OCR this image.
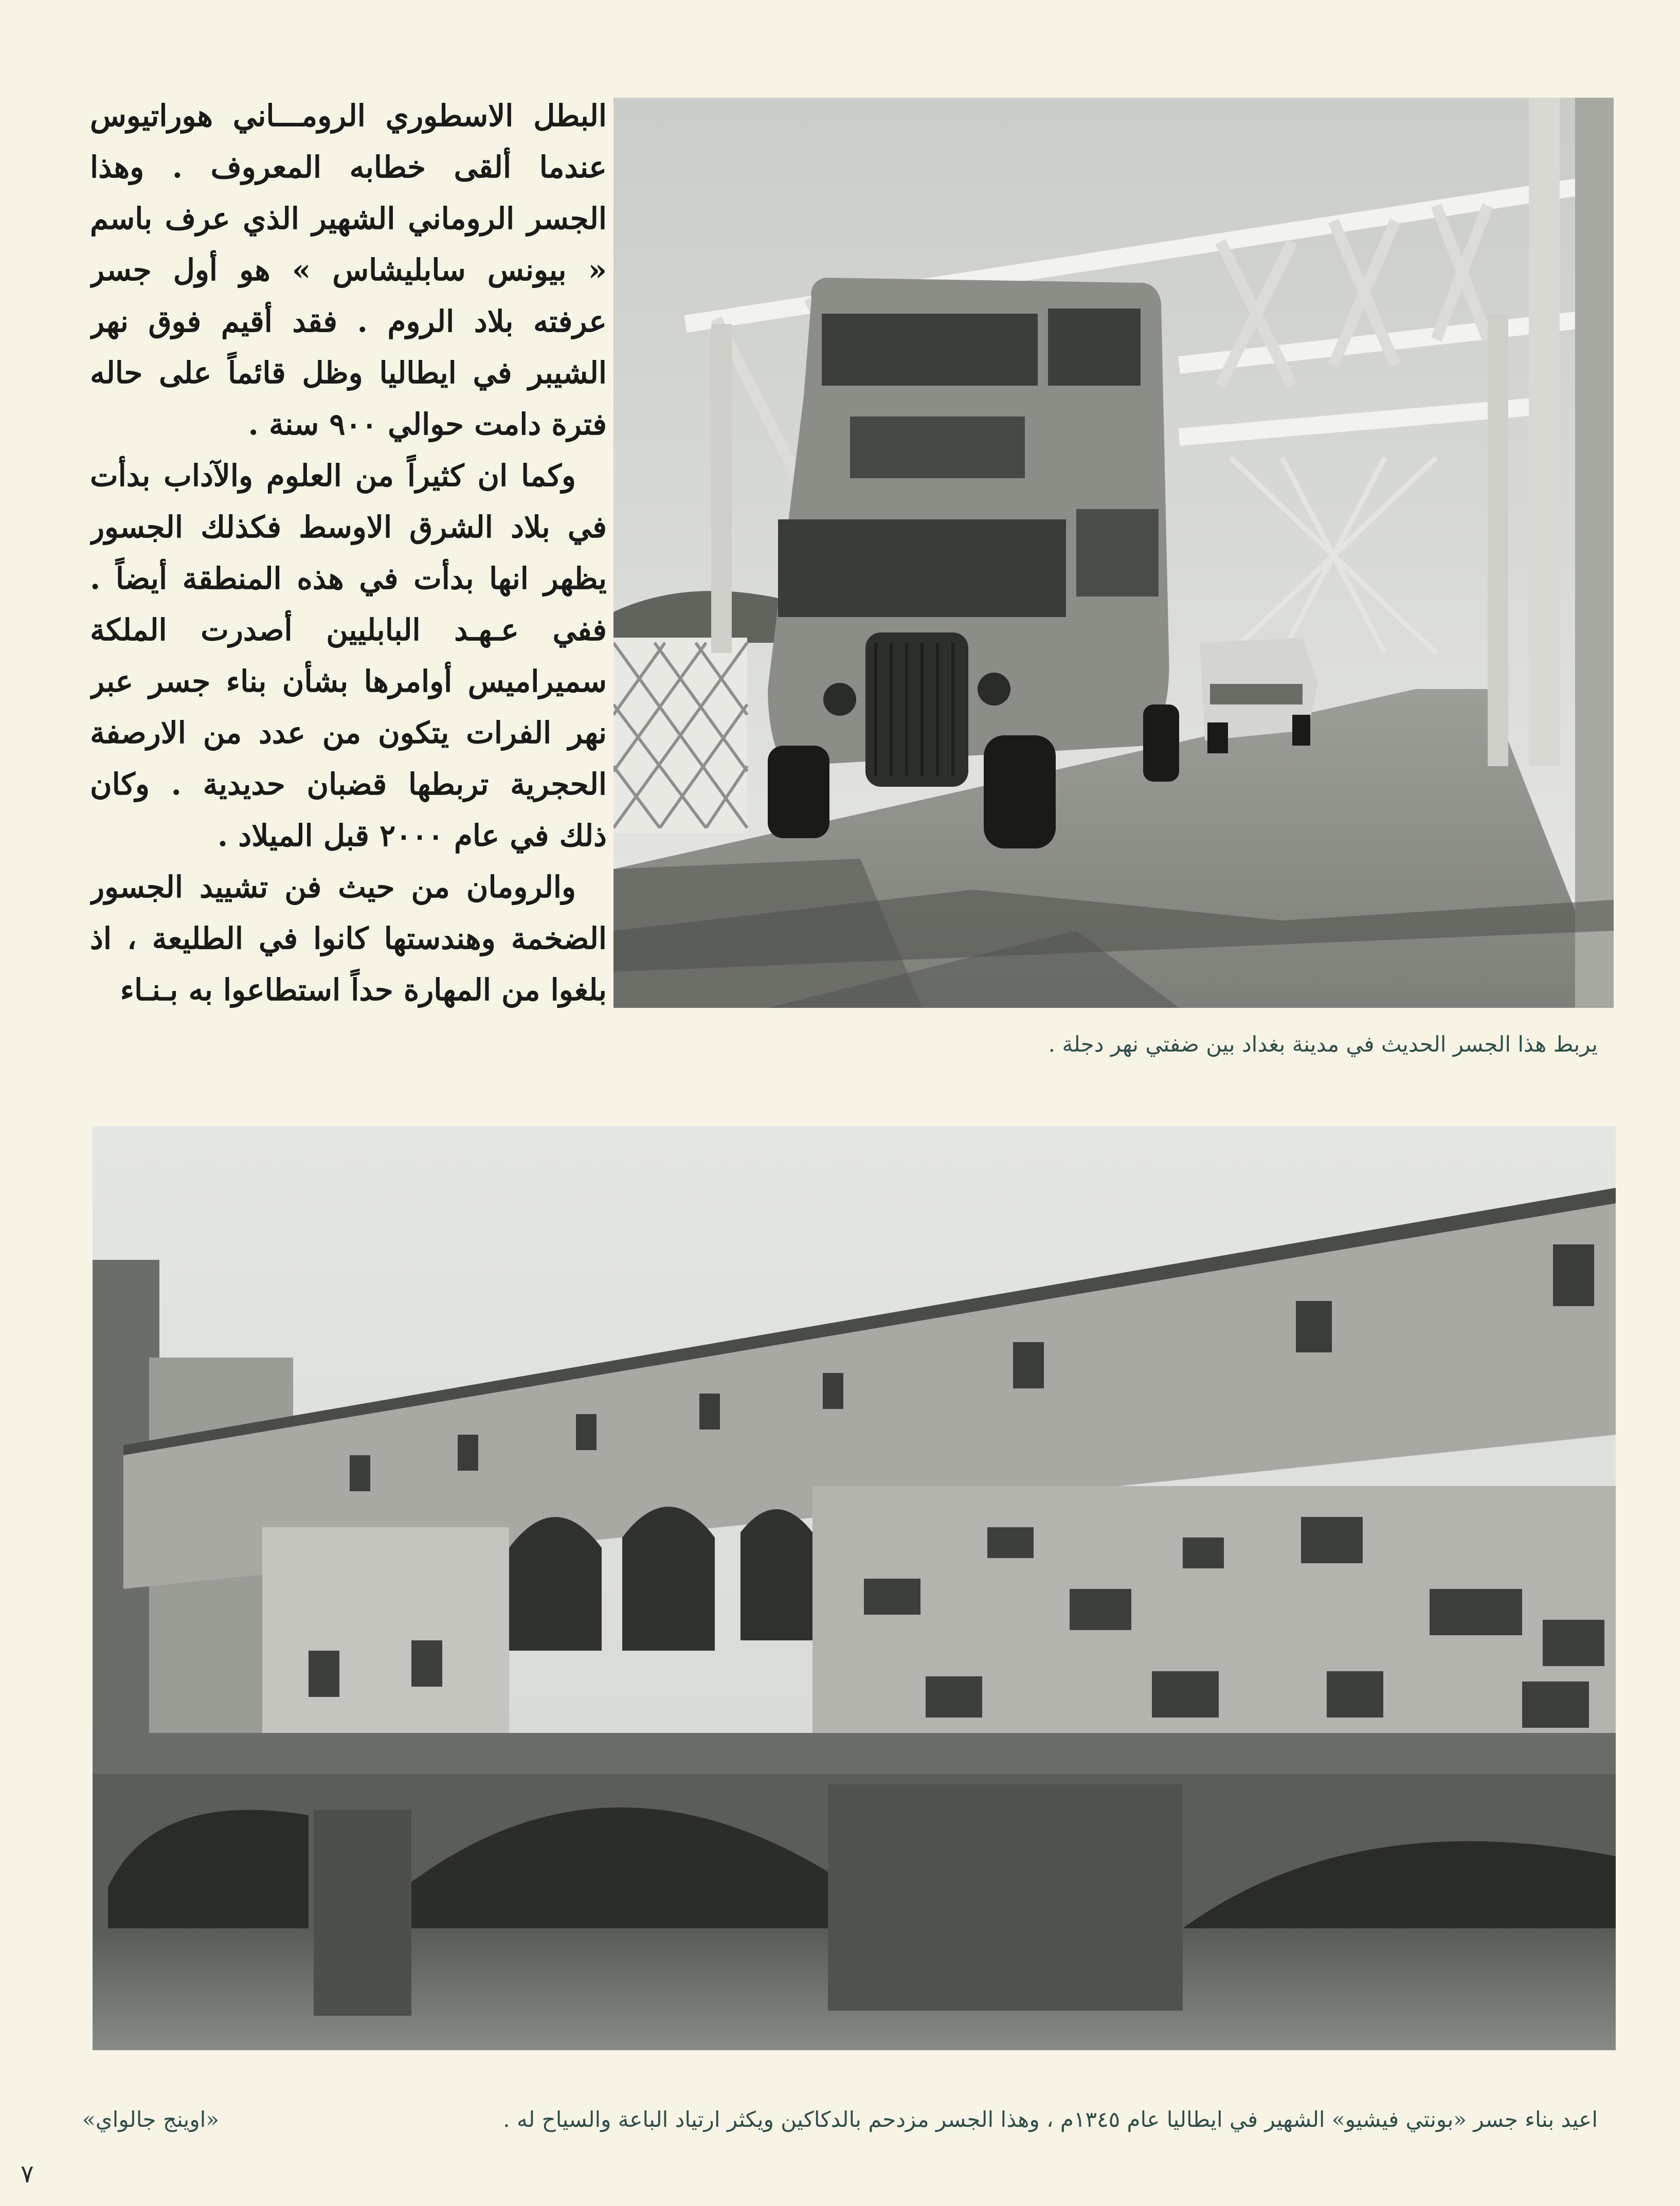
البطل الاسطوري الرومـــاني هوراتيوس عندما ألقى خطابه المعروف . وهذا الجسر الروماني الشهير الذي عرف باسم « بيونس سابليشاس » هو أول جسر عرفته بلاد الروم . فقد أقيم فوق نهر الشيبر في ايطاليا وظل قائماً على حاله فترة دامت حوالي ٩٠٠ سنة .

وكما ان كثيراً من العلوم والآداب بدأت في بلاد الشرق الاوسط فكذلك الجسور يظهر انها بدأت في هذه المنطقة أيضاً . ففي عـهـد البابليين أصدرت الملكة سميراميس أوامرها بشأن بناء جسر عبر نهر الفرات يتكون من عدد من الارصفة الحجرية تربطها قضبان حديدية . وكان ذلك في عام ٢٠٠٠ قبل الميلاد .

والرومان من حيث فن تشييد الجسور الضخمة وهندستها كانوا في الطليعة ، اذ بلغوا من المهارة حداً استطاعوا به بـنـاء

يربط هذا الجسر الحديث في مدينة بغداد بين ضفتي نهر دجلة .
اعيد بناء جسر «بونتي فيشيو» الشهير في ايطاليا عام ١٣٤٥م ، وهذا الجسر مزدحم بالدكاكين ويكثر ارتياد الباعة والسياح له .
«اوينج جالواي»
٧
